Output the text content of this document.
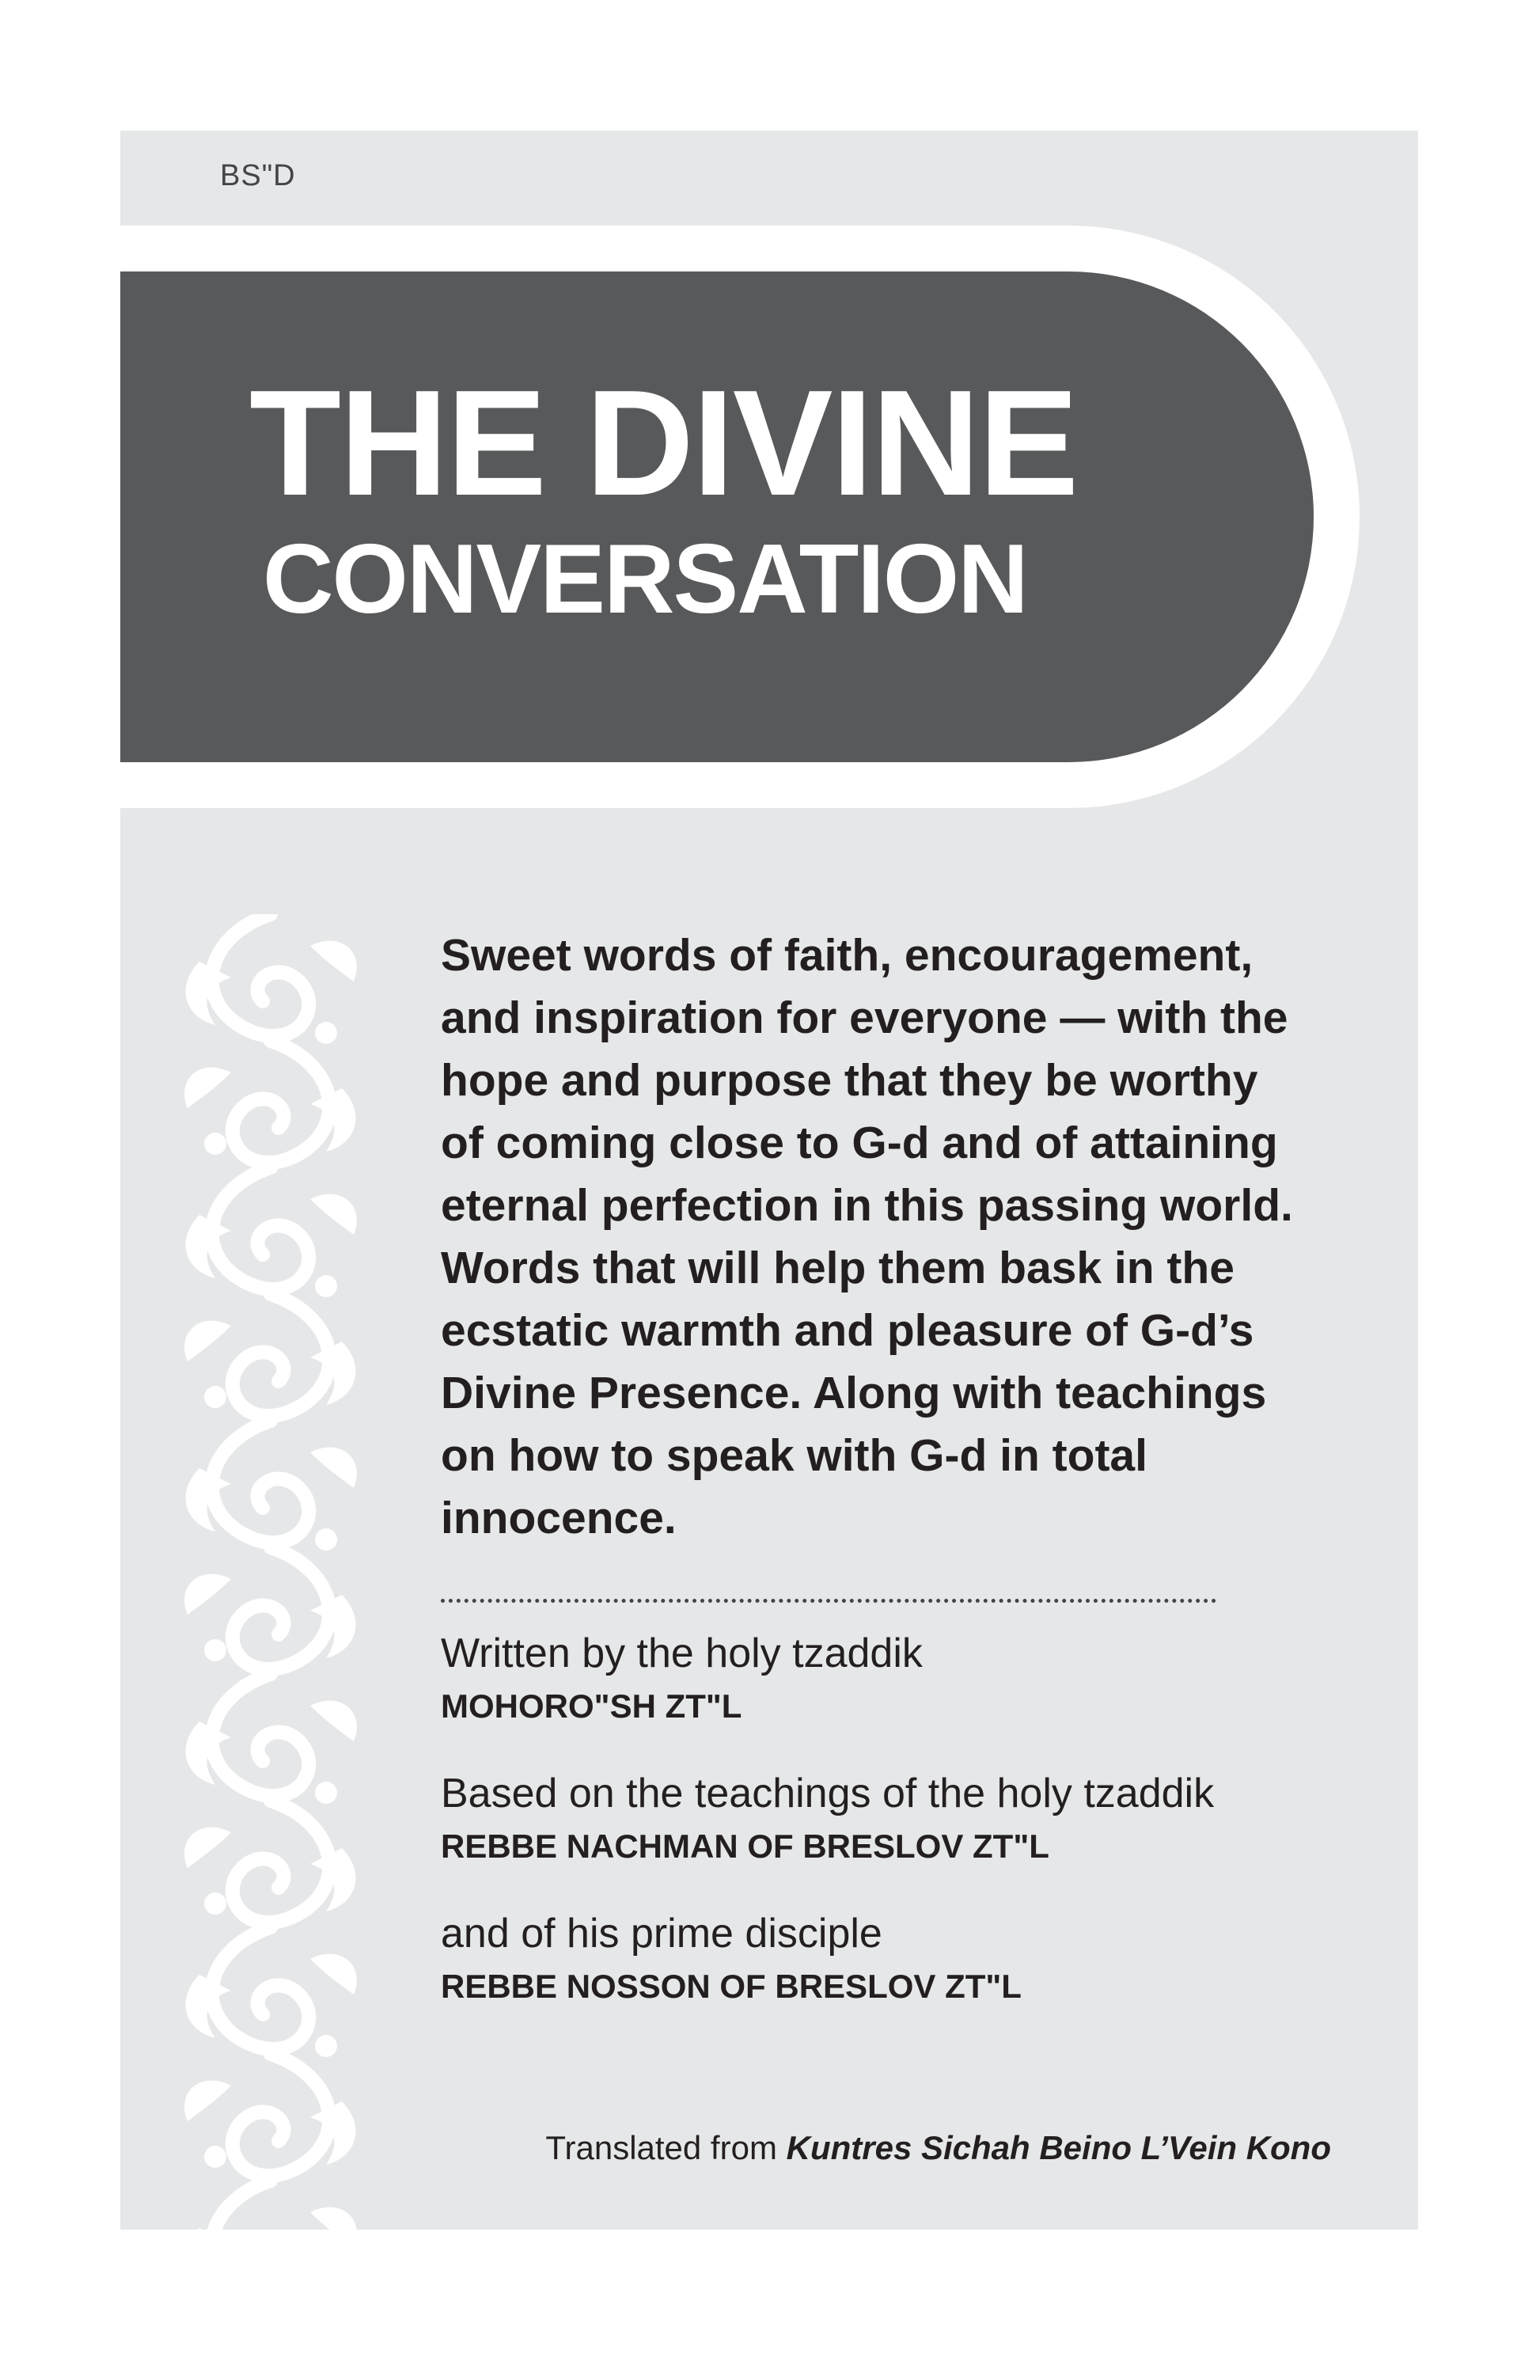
BS"D
THE DIVINE
CONVERSATION
Sweet words of faith, encouragement, and inspiration for everyone — with the hope and purpose that they be worthy of coming close to G-d and of attaining eternal perfection in this passing world. Words that will help them bask in the ecstatic warmth and pleasure of G-d’s Divine Presence. Along with teachings on how to speak with G-d in total innocence.
Written by the holy tzaddik
MOHORO"SH ZT"L
Based on the teachings of the holy tzaddik
REBBE NACHMAN OF BRESLOV ZT"L
and of his prime disciple
REBBE NOSSON OF BRESLOV ZT"L
Translated from Kuntres Sichah Beino L’Vein Kono
